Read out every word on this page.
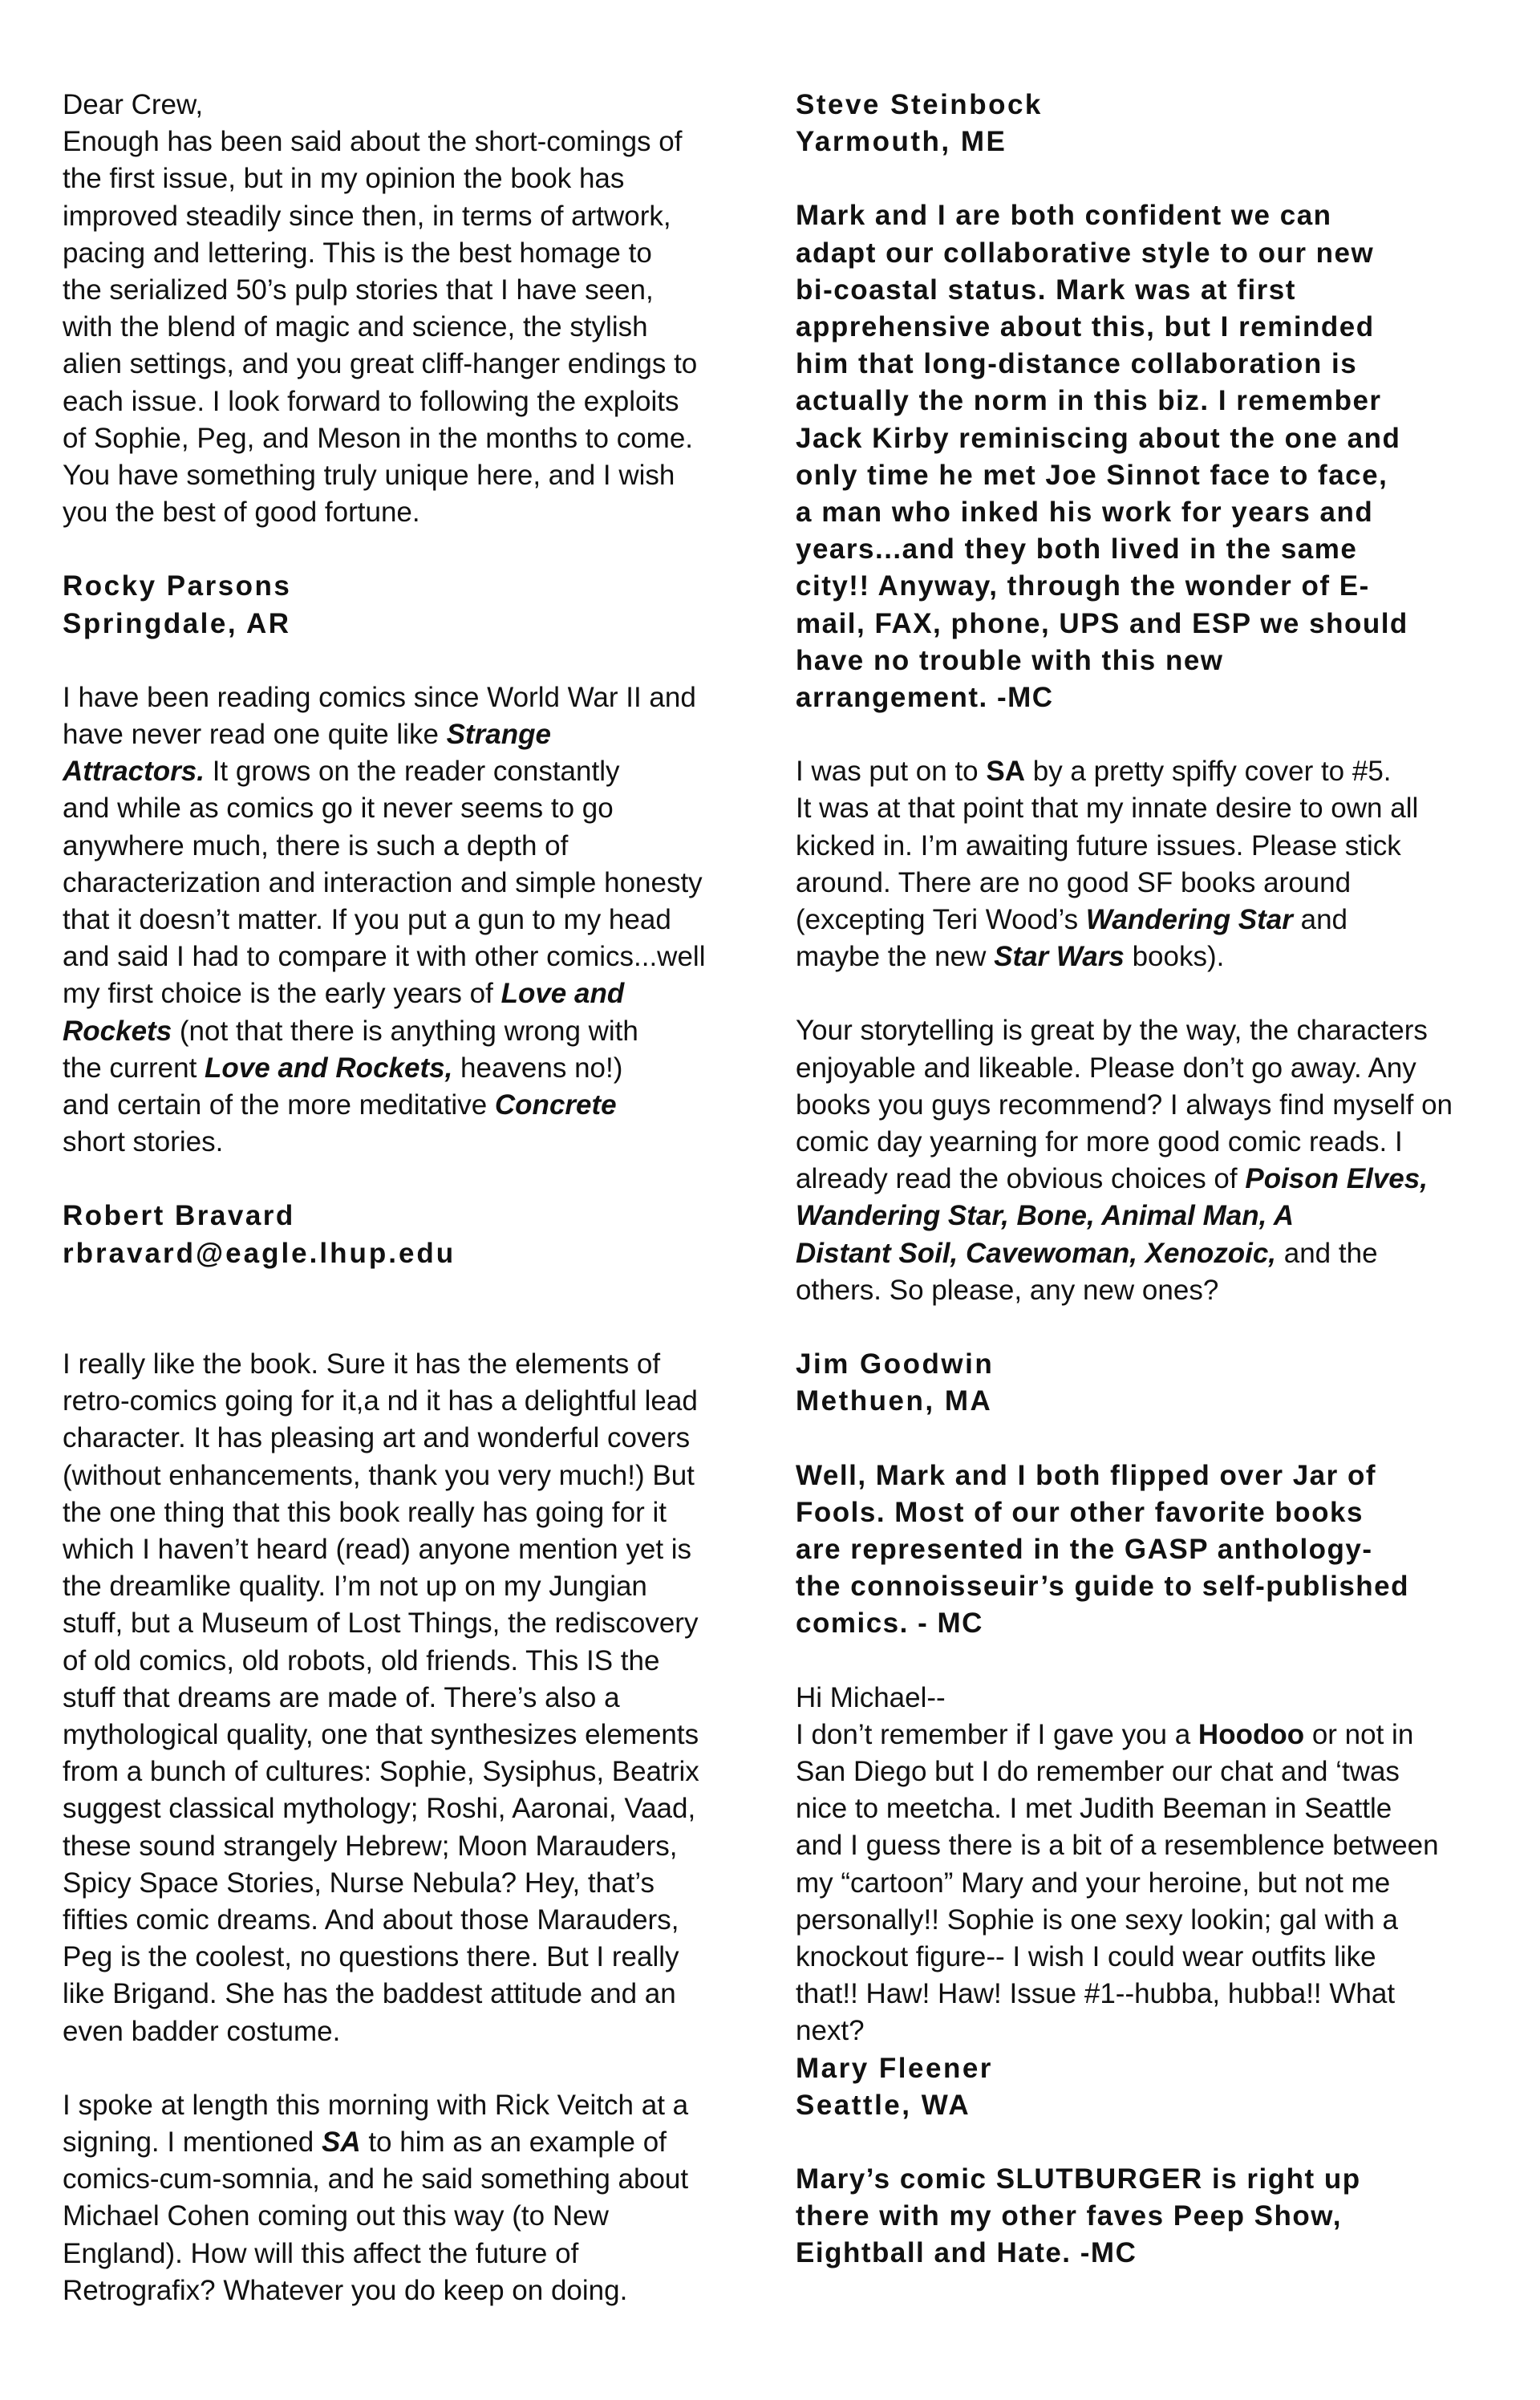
Dear Crew,
Enough has been said about the short-comings of
the first issue, but in my opinion the book has
improved steadily since then, in terms of artwork,
pacing and lettering. This is the best homage to
the serialized 50’s pulp stories that I have seen,
with the blend of magic and science, the stylish
alien settings, and you great cliff-hanger endings to
each issue. I look forward to following the exploits
of Sophie, Peg, and Meson in the months to come.
You have something truly unique here, and I wish
you the best of good fortune.
Rocky Parsons
Springdale, AR
I have been reading comics since World War II and
have never read one quite like Strange
Attractors. It grows on the reader constantly
and while as comics go it never seems to go
anywhere much, there is such a depth of
characterization and interaction and simple honesty
that it doesn’t matter. If you put a gun to my head
and said I had to compare it with other comics...well
my first choice is the early years of Love and
Rockets (not that there is anything wrong with
the current Love and Rockets, heavens no!)
and certain of the more meditative Concrete
short stories.
Robert Bravard
rbravard@eagle.lhup.edu
I really like the book. Sure it has the elements of
retro-comics going for it,a nd it has a delightful lead
character. It has pleasing art and wonderful covers
(without enhancements, thank you very much!) But
the one thing that this book really has going for it
which I haven’t heard (read) anyone mention yet is
the dreamlike quality. I’m not up on my Jungian
stuff, but a Museum of Lost Things, the rediscovery
of old comics, old robots, old friends. This IS the
stuff that dreams are made of. There’s also a
mythological quality, one that synthesizes elements
from a bunch of cultures: Sophie, Sysiphus, Beatrix
suggest classical mythology; Roshi, Aaronai, Vaad,
these sound strangely Hebrew; Moon Marauders,
Spicy Space Stories, Nurse Nebula? Hey, that’s
fifties comic dreams. And about those Marauders,
Peg is the coolest, no questions there. But I really
like Brigand. She has the baddest attitude and an
even badder costume.
I spoke at length this morning with Rick Veitch at a
signing. I mentioned SA to him as an example of
comics-cum-somnia, and he said something about
Michael Cohen coming out this way (to New
England). How will this affect the future of
Retrografix? Whatever you do keep on doing.
Steve Steinbock
Yarmouth, ME
Mark and I are both confident we can
adapt our collaborative style to our new
bi-coastal status. Mark was at first
apprehensive about this, but I reminded
him that long-distance collaboration is
actually the norm in this biz. I remember
Jack Kirby reminiscing about the one and
only time he met Joe Sinnot face to face,
a man who inked his work for years and
years...and they both lived in the same
city!! Anyway, through the wonder of E-
mail, FAX, phone, UPS and ESP we should
have no trouble with this new
arrangement. -MC
I was put on to SA by a pretty spiffy cover to #5.
It was at that point that my innate desire to own all
kicked in. I’m awaiting future issues. Please stick
around. There are no good SF books around
(excepting Teri Wood’s Wandering Star and
maybe the new Star Wars books).
Your storytelling is great by the way, the characters
enjoyable and likeable. Please don’t go away. Any
books you guys recommend? I always find myself on
comic day yearning for more good comic reads. I
already read the obvious choices of Poison Elves,
Wandering Star, Bone, Animal Man, A
Distant Soil, Cavewoman, Xenozoic, and the
others. So please, any new ones?
Jim Goodwin
Methuen, MA
Well, Mark and I both flipped over Jar of
Fools. Most of our other favorite books
are represented in the GASP anthology-
the connoisseuir’s guide to self-published
comics. - MC
Hi Michael--
I don’t remember if I gave you a Hoodoo or not in
San Diego but I do remember our chat and ‘twas
nice to meetcha. I met Judith Beeman in Seattle
and I guess there is a bit of a resemblence between
my “cartoon” Mary and your heroine, but not me
personally!! Sophie is one sexy lookin; gal with a
knockout figure-- I wish I could wear outfits like
that!! Haw! Haw! Issue #1--hubba, hubba!! What
next?
Mary Fleener
Seattle, WA
Mary’s comic SLUTBURGER is right up
there with my other faves Peep Show,
Eightball and Hate. -MC
